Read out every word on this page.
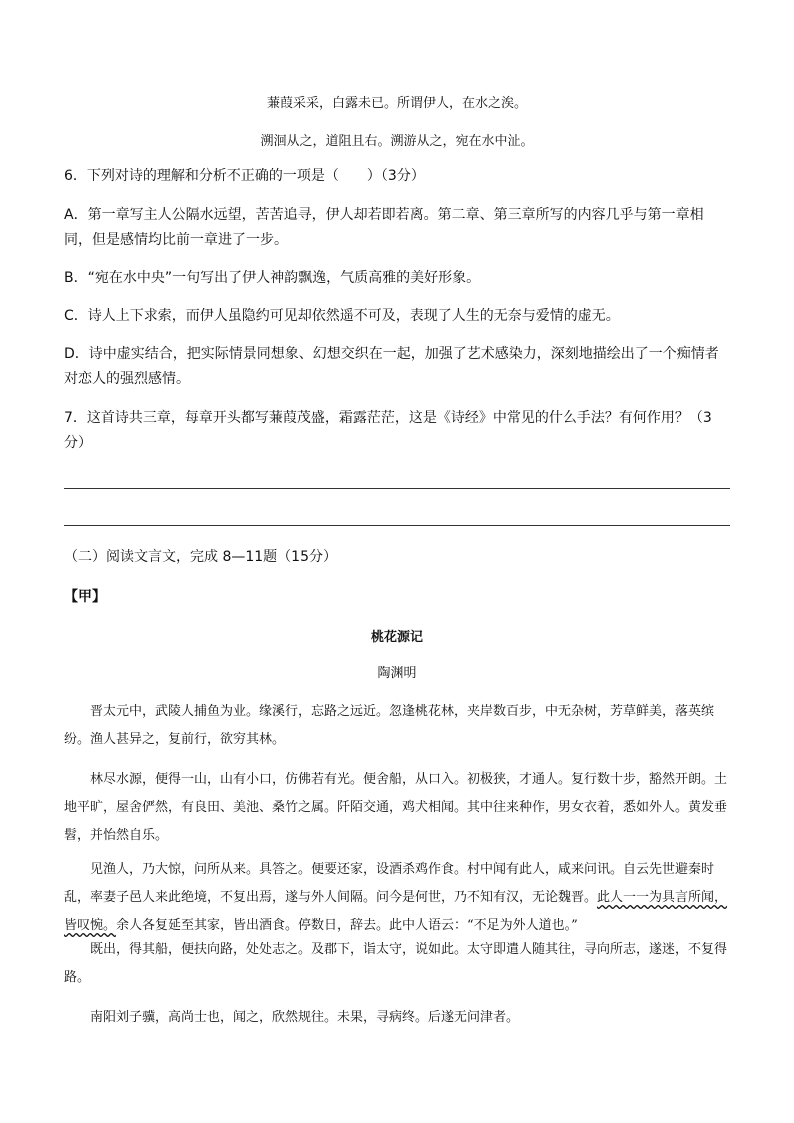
蒹葭采采，白露未已。所谓伊人，在水之涘。
溯洄从之，道阻且右。溯游从之，宛在水中沚。
6．下列对诗的理解和分析不正确的一项是（　　）（3分）
A．第一章写主人公隔水远望，苦苦追寻，伊人却若即若离。第二章、第三章所写的内容几乎与第一章相
同，但是感情均比前一章进了一步。
B．“宛在水中央”一句写出了伊人神韵飘逸，气质高雅的美好形象。
C．诗人上下求索，而伊人虽隐约可见却依然遥不可及，表现了人生的无奈与爱情的虚无。
D．诗中虚实结合，把实际情景同想象、幻想交织在一起，加强了艺术感染力，深刻地描绘出了一个痴情者
对恋人的强烈感情。
7．这首诗共三章，每章开头都写蒹葭茂盛，霜露茫茫，这是《诗经》中常见的什么手法？有何作用？（3
分）
（二）阅读文言文，完成 8—11题（15分）
【甲】
桃花源记
陶渊明
晋太元中，武陵人捕鱼为业。缘溪行，忘路之远近。忽逢桃花林，夹岸数百步，中无杂树，芳草鲜美，落英缤纷。渔人甚异之，复前行，欲穷其林。
林尽水源，便得一山，山有小口，仿佛若有光。便舍船，从口入。初极狭，才通人。复行数十步，豁然开朗。土地平旷，屋舍俨然，有良田、美池、桑竹之属。阡陌交通，鸡犬相闻。其中往来种作，男女衣着，悉如外人。黄发垂髫，并怡然自乐。
见渔人，乃大惊，问所从来。具答之。便要还家，设酒杀鸡作食。村中闻有此人，咸来问讯。自云先世避秦时乱，率妻子邑人来此绝境，不复出焉，遂与外人间隔。问今是何世，乃不知有汉，无论魏晋。此人一一为具言所闻，皆叹惋。余人各复延至其家，皆出酒食。停数日，辞去。此中人语云：“不足为外人道也。”
既出，得其船，便扶向路，处处志之。及郡下，诣太守，说如此。太守即遣人随其往，寻向所志，遂迷，不复得路。
南阳刘子骥，高尚士也，闻之，欣然规往。未果，寻病终。后遂无问津者。
